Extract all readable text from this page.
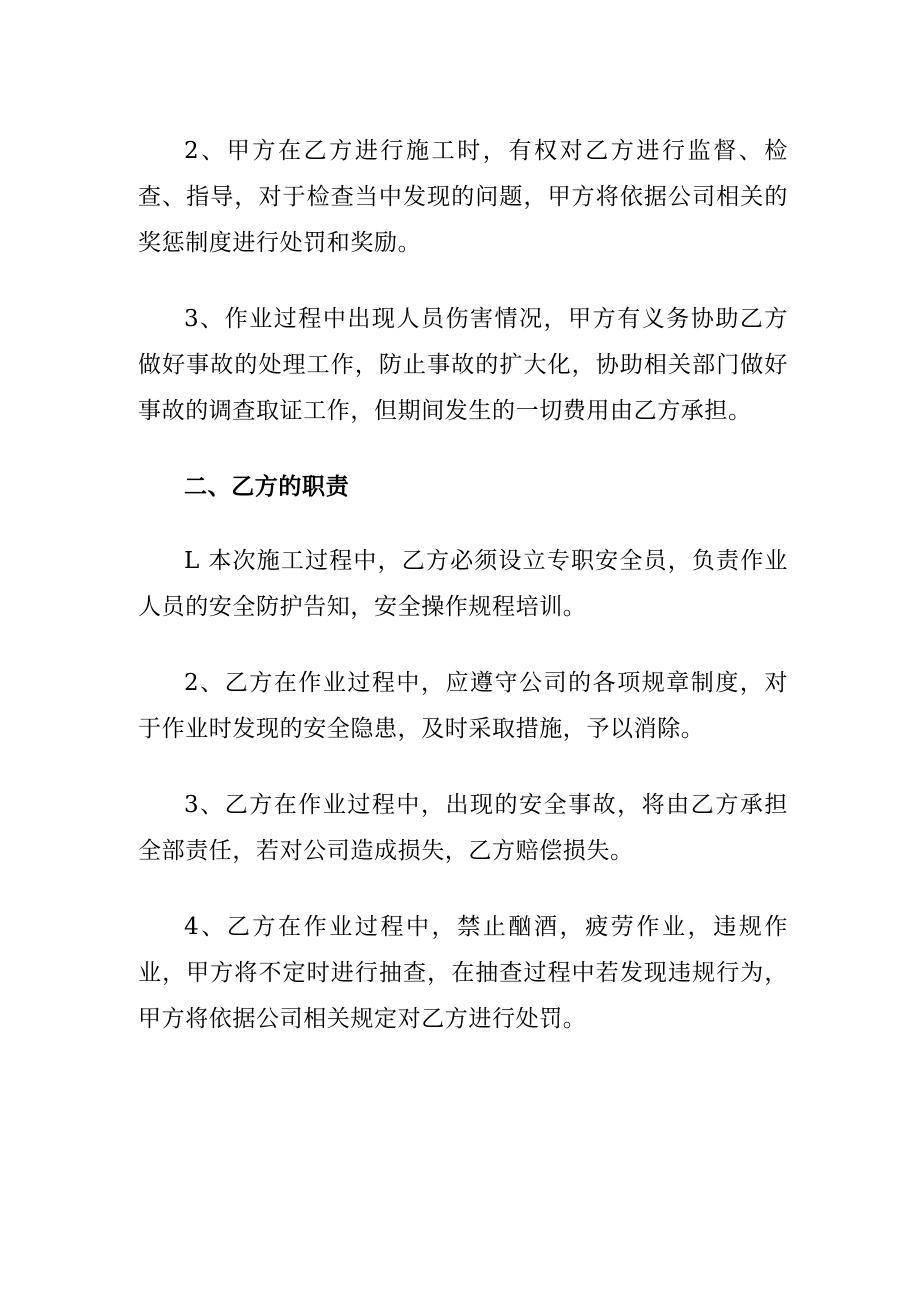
2、甲方在乙方进行施工时，有权对乙方进行监督、检查、指导，对于检查当中发现的问题，甲方将依据公司相关的奖惩制度进行处罚和奖励。

3、作业过程中出现人员伤害情况，甲方有义务协助乙方做好事故的处理工作，防止事故的扩大化，协助相关部门做好事故的调查取证工作，但期间发生的一切费用由乙方承担。

二、乙方的职责

L 本次施工过程中，乙方必须设立专职安全员，负责作业人员的安全防护告知，安全操作规程培训。

2、乙方在作业过程中，应遵守公司的各项规章制度，对于作业时发现的安全隐患，及时采取措施，予以消除。

3、乙方在作业过程中，出现的安全事故，将由乙方承担全部责任，若对公司造成损失，乙方赔偿损失。

4、乙方在作业过程中，禁止酗酒，疲劳作业，违规作业，甲方将不定时进行抽查，在抽查过程中若发现违规行为，甲方将依据公司相关规定对乙方进行处罚。
